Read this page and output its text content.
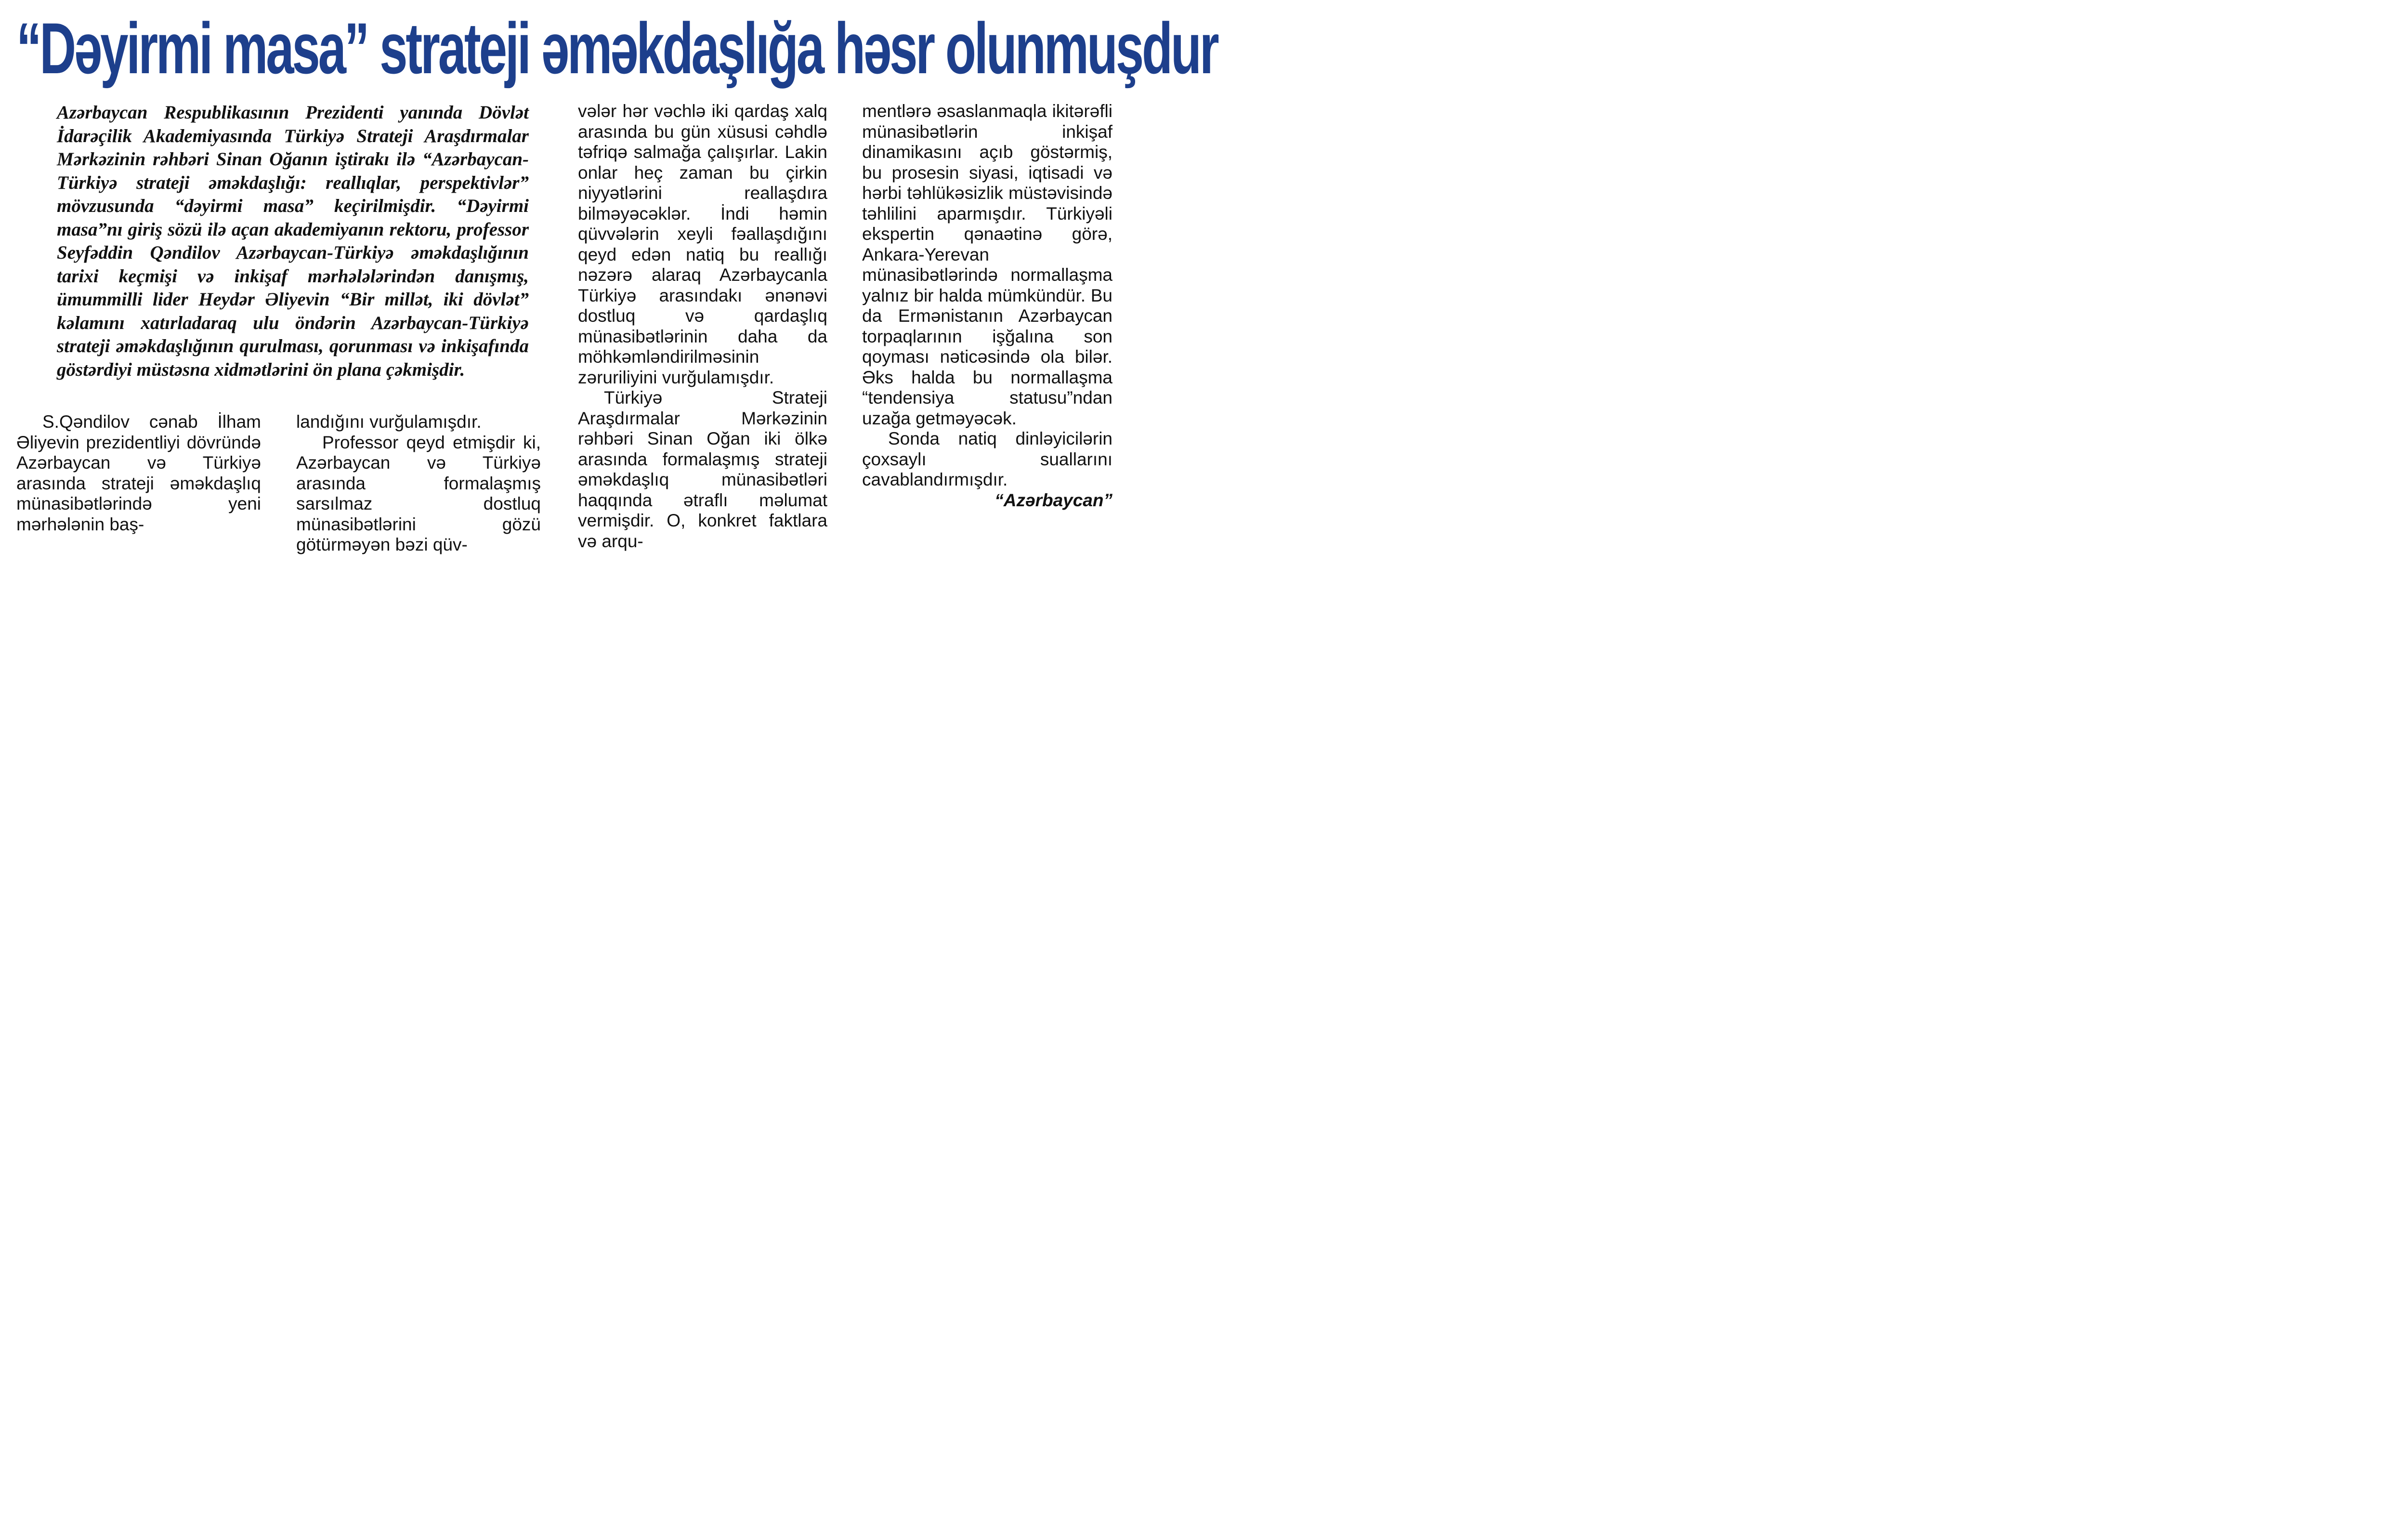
“Dəyirmi masa” strateji əməkdaşlığa həsr olunmuşdur

Azərbaycan Respublikasının Prezidenti yanında Dövlət İdarəçilik Akademiyasında Türkiyə Strateji Araşdırmalar Mərkəzinin rəhbəri Sinan Oğanın iştirakı ilə “Azərbaycan-Türkiyə strateji əməkdaşlığı: reallıqlar, perspektivlər” mövzusunda “dəyirmi masa” keçirilmişdir. “Dəyirmi masa”nı giriş sözü ilə açan akademiyanın rektoru, professor Seyfəddin Qəndilov Azərbaycan-Türkiyə əməkdaşlığının tarixi keçmişi və inkişaf mərhələlərindən danışmış, ümummilli lider Heydər Əliyevin “Bir millət, iki dövlət” kəlamını xatırladaraq ulu öndərin Azərbaycan-Türkiyə strateji əməkdaşlığının qurulması, qorunması və inkişafında göstərdiyi müstəsna xidmətlərini ön plana çəkmişdir.

S.Qəndilov cənab İlham Əliyevin prezidentliyi dövründə Azərbaycan və Türkiyə arasında strateji əməkdaşlıq münasibətlərində yeni mərhələnin baş-

landığını vurğulamışdır.

Professor qeyd etmişdir ki, Azərbaycan və Türkiyə arasında formalaşmış sarsılmaz dostluq münasibətlərini gözü götürməyən bəzi qüv-

vələr hər vəchlə iki qardaş xalq arasında bu gün xüsusi cəhdlə təfriqə salmağa çalışırlar. Lakin onlar heç zaman bu çirkin niyyətlərini reallaşdıra bilməyəcəklər. İndi həmin qüvvələrin xeyli fəallaşdığını qeyd edən natiq bu reallığı nəzərə alaraq Azərbaycanla Türkiyə arasındakı ənənəvi dostluq və qardaşlıq münasibətlərinin daha da möhkəmləndirilməsinin zəruriliyini vurğulamışdır.

Türkiyə Strateji Araşdırmalar Mərkəzinin rəhbəri Sinan Oğan iki ölkə arasında formalaşmış strateji əməkdaşlıq münasibətləri haqqında ətraflı məlumat vermişdir. O, konkret faktlara və arqu-

mentlərə əsaslanmaqla ikitərəfli münasibətlərin inkişaf dinamikasını açıb göstərmiş, bu prosesin siyasi, iqtisadi və hərbi təhlükəsizlik müstəvisində təhlilini aparmışdır. Türkiyəli ekspertin qənaətinə görə, Ankara-Yerevan münasibətlərində normallaşma yalnız bir halda mümkündür. Bu da Ermənistanın Azərbaycan torpaqlarının işğalına son qoyması nəticəsində ola bilər. Əks halda bu normallaşma “tendensiya statusu”ndan uzağa getməyəcək.

Sonda natiq dinləyicilərin çoxsaylı suallarını cavablandırmışdır.

“Azərbaycan”
